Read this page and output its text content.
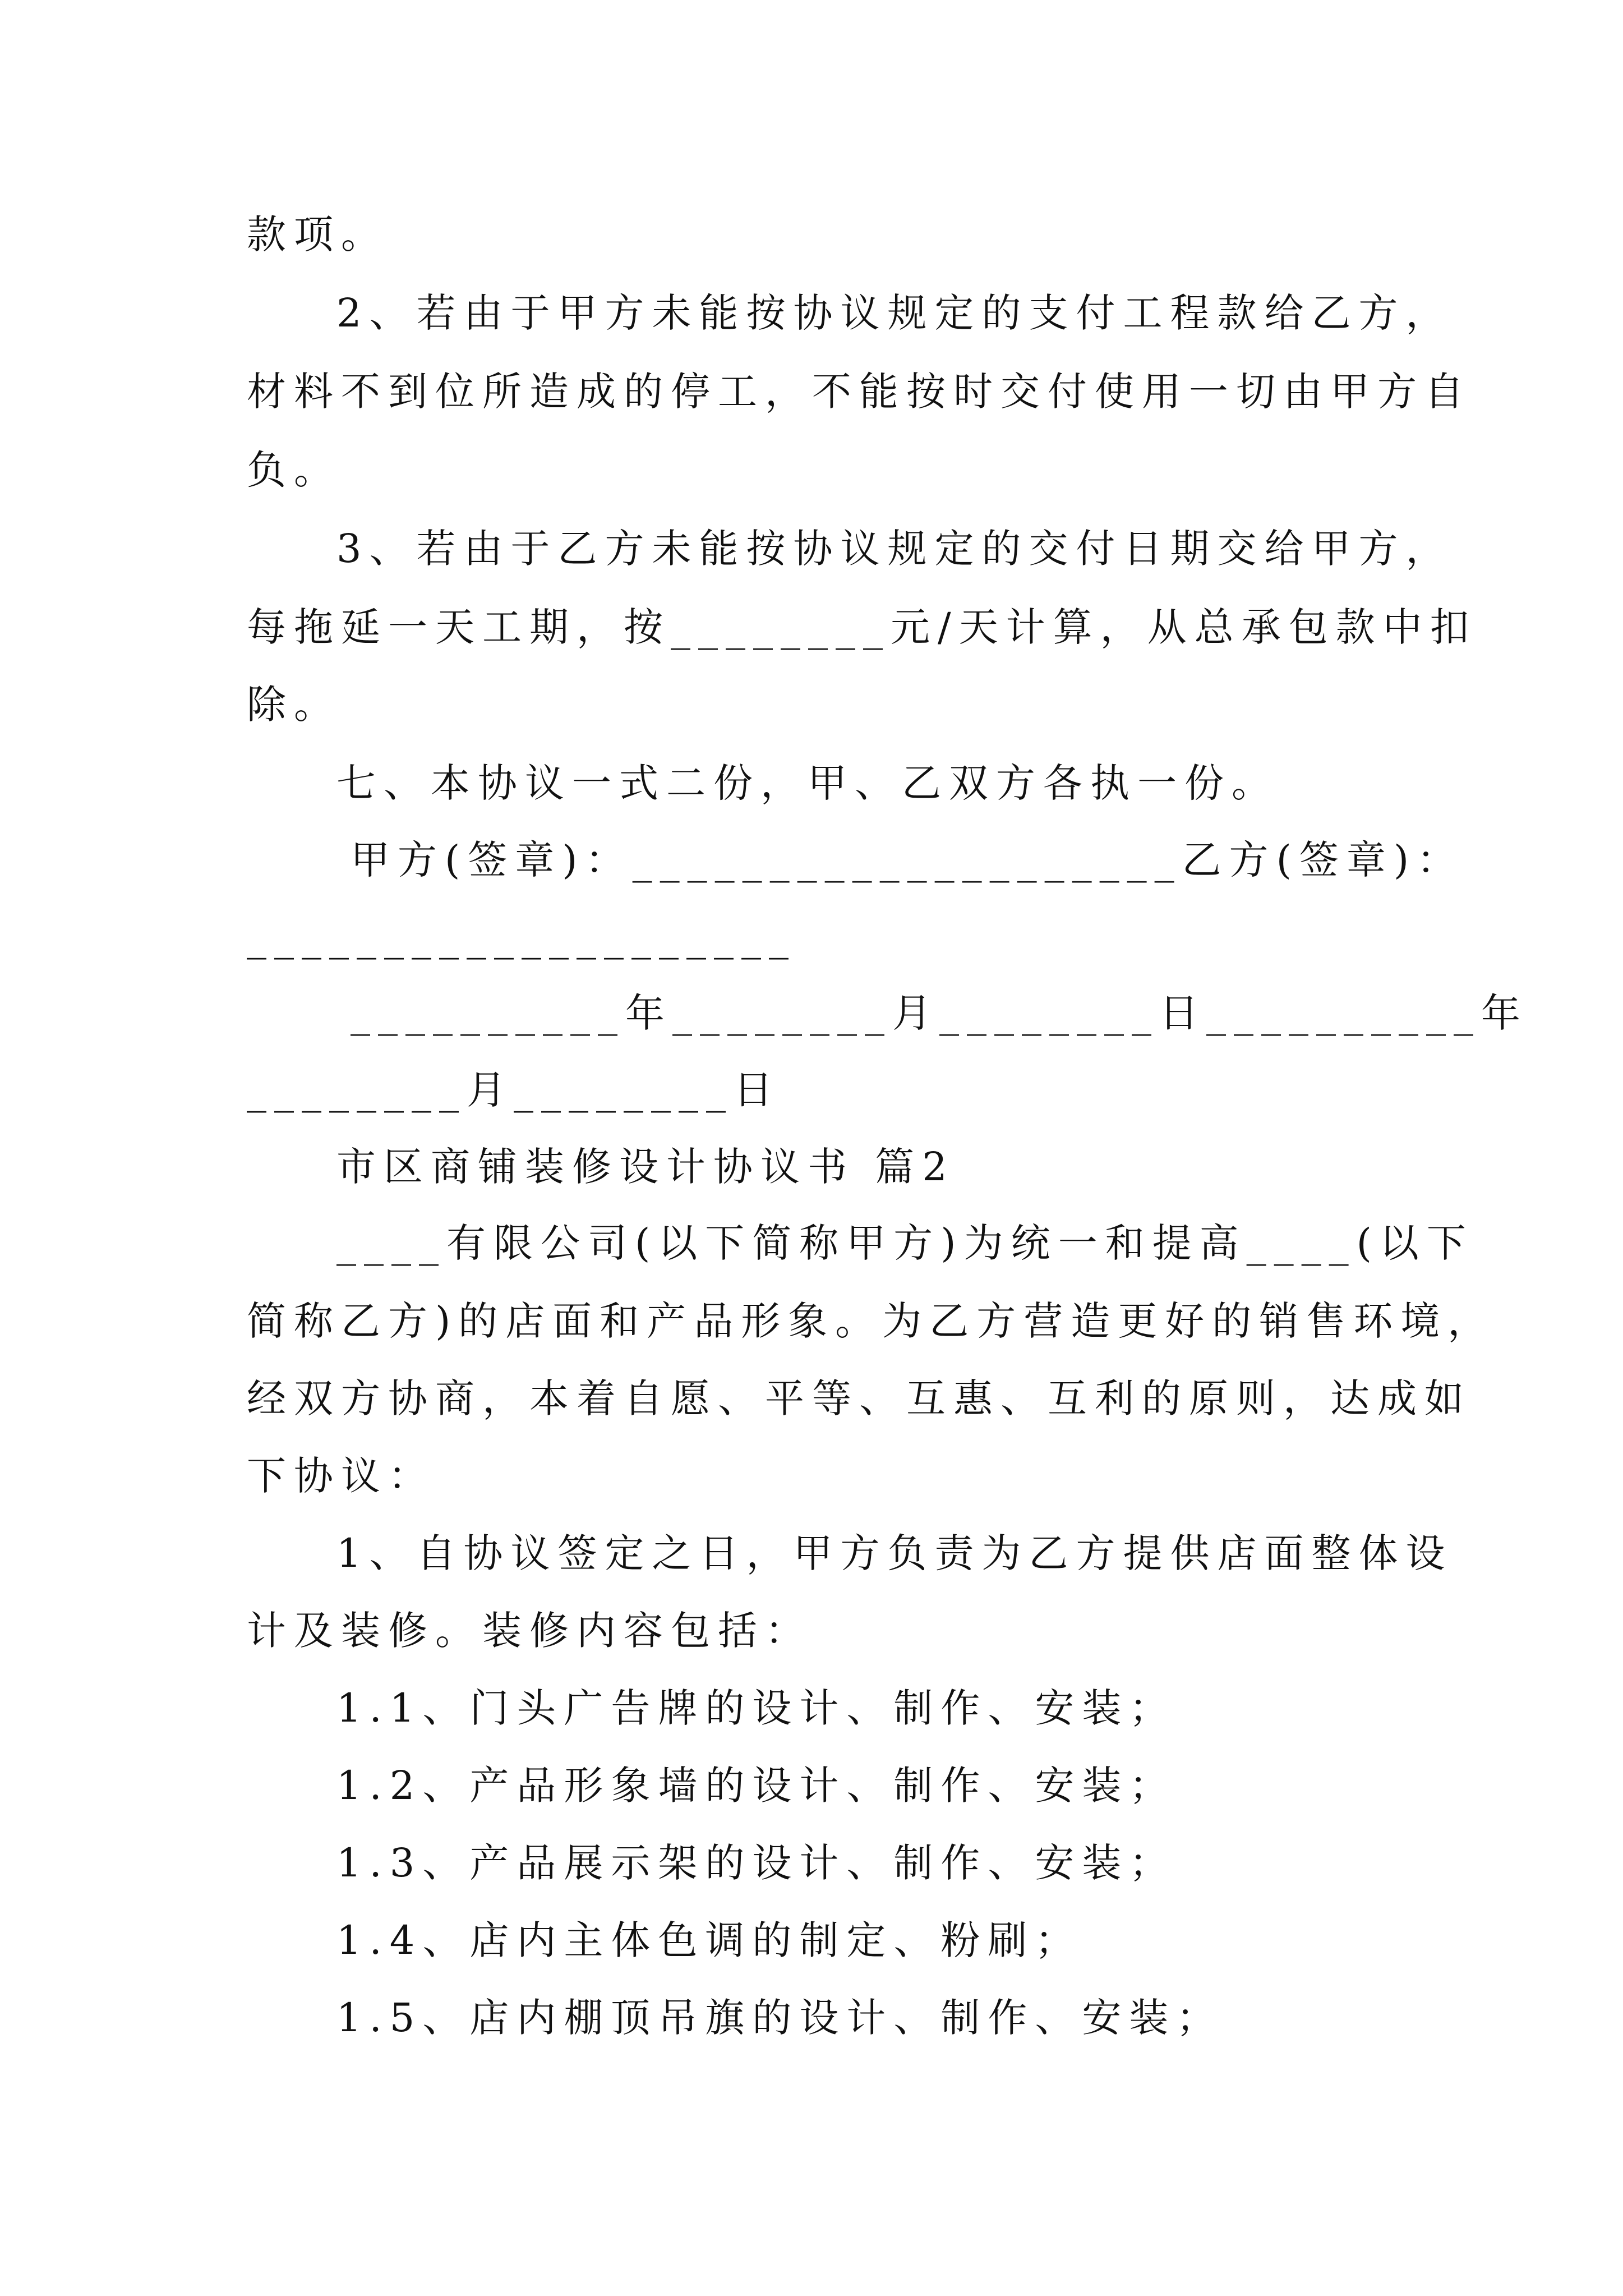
款项。
2、若由于甲方未能按协议规定的支付工程款给乙方，
材料不到位所造成的停工，不能按时交付使用一切由甲方自
负。
3、若由于乙方未能按协议规定的交付日期交给甲方，
每拖延一天工期，按________元/天计算，从总承包款中扣
除。
七、本协议一式二份，甲、乙双方各执一份。
甲方(签章)：____________________乙方(签章)：
____________________
__________年________月________日__________年
________月________日
市区商铺装修设计协议书 篇2
____有限公司(以下简称甲方)为统一和提高____(以下
简称乙方)的店面和产品形象。为乙方营造更好的销售环境，
经双方协商，本着自愿、平等、互惠、互利的原则，达成如
下协议：
1、自协议签定之日，甲方负责为乙方提供店面整体设
计及装修。装修内容包括：
1.1、门头广告牌的设计、制作、安装；
1.2、产品形象墙的设计、制作、安装；
1.3、产品展示架的设计、制作、安装；
1.4、店内主体色调的制定、粉刷；
1.5、店内棚顶吊旗的设计、制作、安装；
